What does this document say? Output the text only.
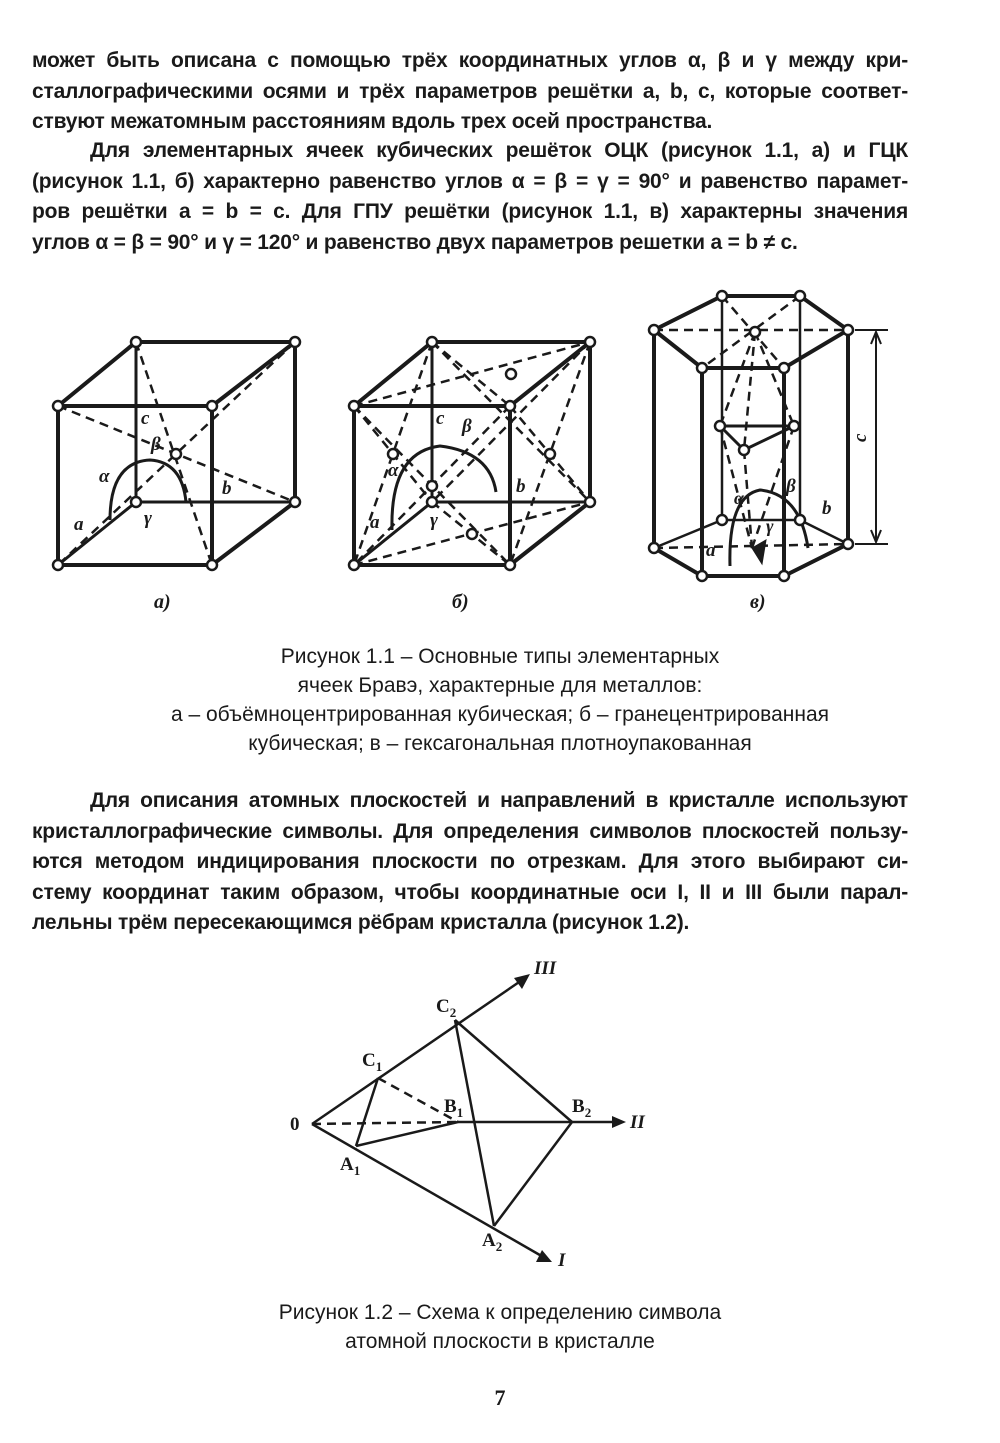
может быть описана с помощью трёх координатных углов α, β и γ между кри-
сталлографическими осями и трёх параметров решётки a, b, c, которые соответ-
ствуют межатомным расстояниям вдоль трех осей пространства.
Для элементарных ячеек кубических решёток ОЦК (рисунок 1.1, а) и ГЦК
(рисунок 1.1, б) характерно равенство углов α = β = γ = 90° и равенство парамет-
ров решётки a = b = c. Для ГПУ решётки (рисунок 1.1, в) характерны значения
углов α = β = 90° и γ = 120° и равенство двух параметров решетки a = b ≠ c.
a
b
c
α
β
γ
а)
a
b
c
α
β
γ
б)
a
b
c
α
β
γ
в)
Рисунок 1.1 – Основные типы элементарных
ячеек Бравэ, характерные для металлов:
а – объёмноцентрированная кубическая; б – гранецентрированная
кубическая; в – гексагональная плотноупакованная
Для описания атомных плоскостей и направлений в кристалле используют
кристаллографические символы. Для определения символов плоскостей пользу-
ются методом индицирования плоскости по отрезкам. Для этого выбирают си-
стему координат таким образом, чтобы координатные оси I, II и III были парал-
лельны трём пересекающимся рёбрам кристалла (рисунок 1.2).
0
III
II
I
$C_1$
$C_2$
$B_1$	$B_2$
$A_1$
$A_2$
Рисунок 1.2 – Схема к определению символа
атомной плоскости в кристалле
7
